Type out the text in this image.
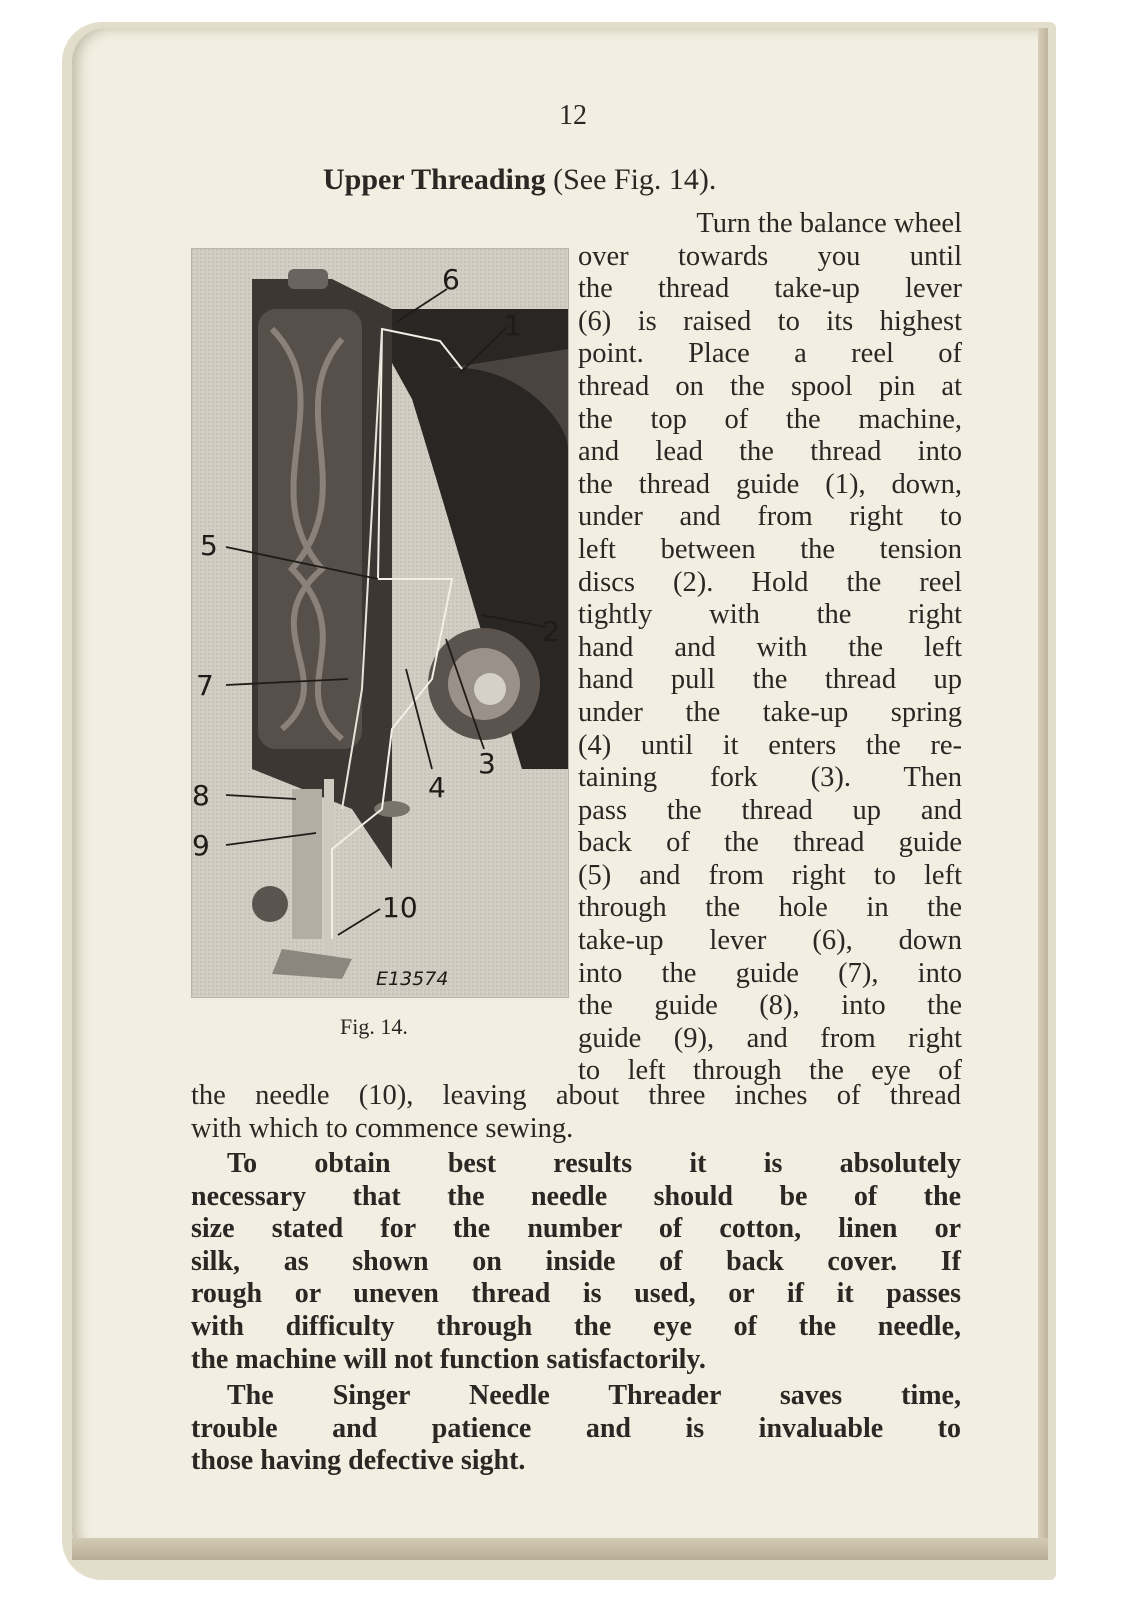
12
Upper Threading (See Fig. 14).
6
1
2
3
4
5
7
8
9
10
E13574
Fig. 14.
Turn the balance wheel
over towards you until
the thread take-up lever
(6) is raised to its highest
point. Place a reel of
thread on the spool pin at
the top of the machine,
and lead the thread into
the thread guide (1), down,
under and from right to
left between the tension
discs (2). Hold the reel
tightly with the right
hand and with the left
hand pull the thread up
under the take-up spring
(4) until it enters the re-
taining fork (3). Then
pass the thread up and
back of the thread guide
(5) and from right to left
through the hole in the
take-up lever (6), down
into the guide (7), into
the guide (8), into the
guide (9), and from right
to left through the eye of
the needle (10), leaving about three inches of thread
with which to commence sewing.
To obtain best results it is absolutely
necessary that the needle should be of the
size stated for the number of cotton, linen or
silk, as shown on inside of back cover. If
rough or uneven thread is used, or if it passes
with difficulty through the eye of the needle,
the machine will not function satisfactorily.
The Singer Needle Threader saves time,
trouble and patience and is invaluable to
those having defective sight.
